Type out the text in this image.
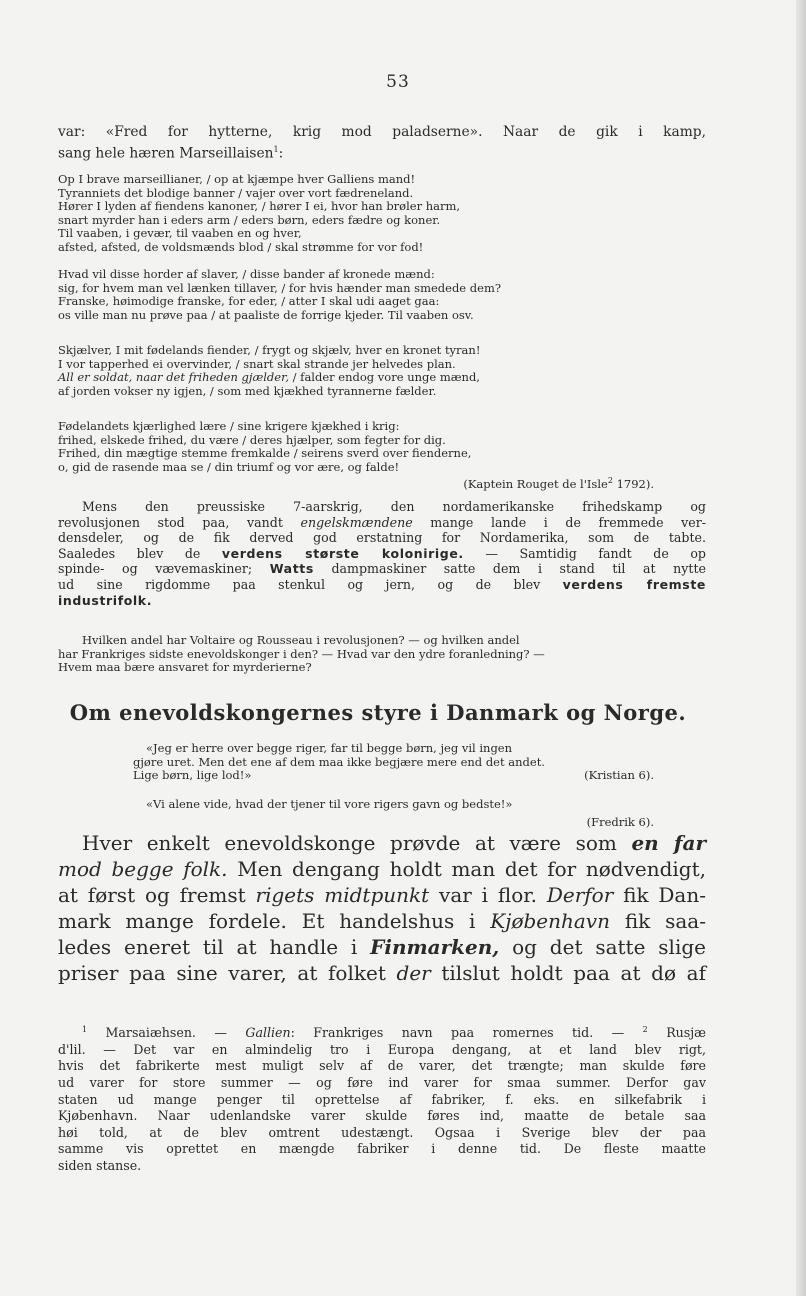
53
var: «Fred for hytterne, krig mod paladserne». Naar de gik i kamp,
sang hele hæren Marseillaisen$^1$:
Op I brave marseillianer, / op at kjæmpe hver Galliens mand!
Tyranniets det blodige banner / vajer over vort fædreneland.
Hører I lyden af fiendens kanoner, / hører I ei, hvor han brøler harm,
snart myrder han i eders arm / eders børn, eders fædre og koner.
Til vaaben, i gevær, til vaaben en og hver,
afsted, afsted, de voldsmænds blod / skal strømme for vor fod!
Hvad vil disse horder af slaver, / disse bander af kronede mænd:
sig, for hvem man vel lænken tillaver, / for hvis hænder man smedede dem?
Franske, høimodige franske, for eder, / atter I skal udi aaget gaa:
os ville man nu prøve paa / at paaliste de forrige kjeder. Til vaaben osv.
Skjælver, I mit fødelands fiender, / frygt og skjælv, hver en kronet tyran!
I vor tapperhed ei overvinder, / snart skal strande jer helvedes plan.
All er soldat, naar det friheden gjælder, / falder endog vore unge mænd,
af jorden vokser ny igjen, / som med kjækhed tyrannerne fælder.
Fødelandets kjærlighed lære / sine krigere kjækhed i krig:
frihed, elskede frihed, du være / deres hjælper, som fegter for dig.
Frihed, din mægtige stemme fremkalde / seirens sverd over fienderne,
o, gid de rasende maa se / din triumf og vor ære, og falde!
(Kaptein Rouget de l'Isle$^2$ 1792).
Mens den preussiske 7-aarskrig, den nordamerikanske frihedskamp og
revolusjonen stod paa, vandt engelskmændene mange lande i de fremmede ver-
densdeler, og de fik derved god erstatning for Nordamerika, som de tabte.
Saaledes blev de verdens største kolonirige. — Samtidig fandt de op
spinde- og vævemaskiner; Watts dampmaskiner satte dem i stand til at nytte
ud sine rigdomme paa stenkul og jern, og de blev verdens fremste
industrifolk.
Hvilken andel har Voltaire og Rousseau i revolusjonen? — og hvilken andel
har Frankriges sidste enevoldskonger i den? — Hvad var den ydre foranledning? —
Hvem maa bære ansvaret for myrderierne?
Om enevoldskongernes styre i Danmark og Norge.
«Jeg er herre over begge riger, far til begge børn, jeg vil ingen
gjøre uret. Men det ene af dem maa ikke begjære mere end det andet.
Lige børn, lige lod!»	(Kristian 6).
«Vi alene vide, hvad der tjener til vore rigers gavn og bedste!»
(Fredrik 6).
Hver enkelt enevoldskonge prøvde at være som en far
mod begge folk. Men dengang holdt man det for nødvendigt,
at først og fremst rigets midtpunkt var i flor. Derfor fik Dan-
mark mange fordele. Et handelshus i Kjøbenhavn fik saa-
ledes eneret til at handle i Finmarken, og det satte slige
priser paa sine varer, at folket der tilslut holdt paa at dø af
$^1$ Marsaiæhsen. — Gallien: Frankriges navn paa romernes tid. — $^2$ Rusjæ
d'lil. — Det var en almindelig tro i Europa dengang, at et land blev rigt,
hvis det fabrikerte mest muligt selv af de varer, det trængte; man skulde føre
ud varer for store summer — og føre ind varer for smaa summer. Derfor gav
staten ud mange penger til oprettelse af fabriker, f. eks. en silkefabrik i
Kjøbenhavn. Naar udenlandske varer skulde føres ind, maatte de betale saa
høi told, at de blev omtrent udestængt. Ogsaa i Sverige blev der paa
samme vis oprettet en mængde fabriker i denne tid. De fleste maatte
siden stanse.
